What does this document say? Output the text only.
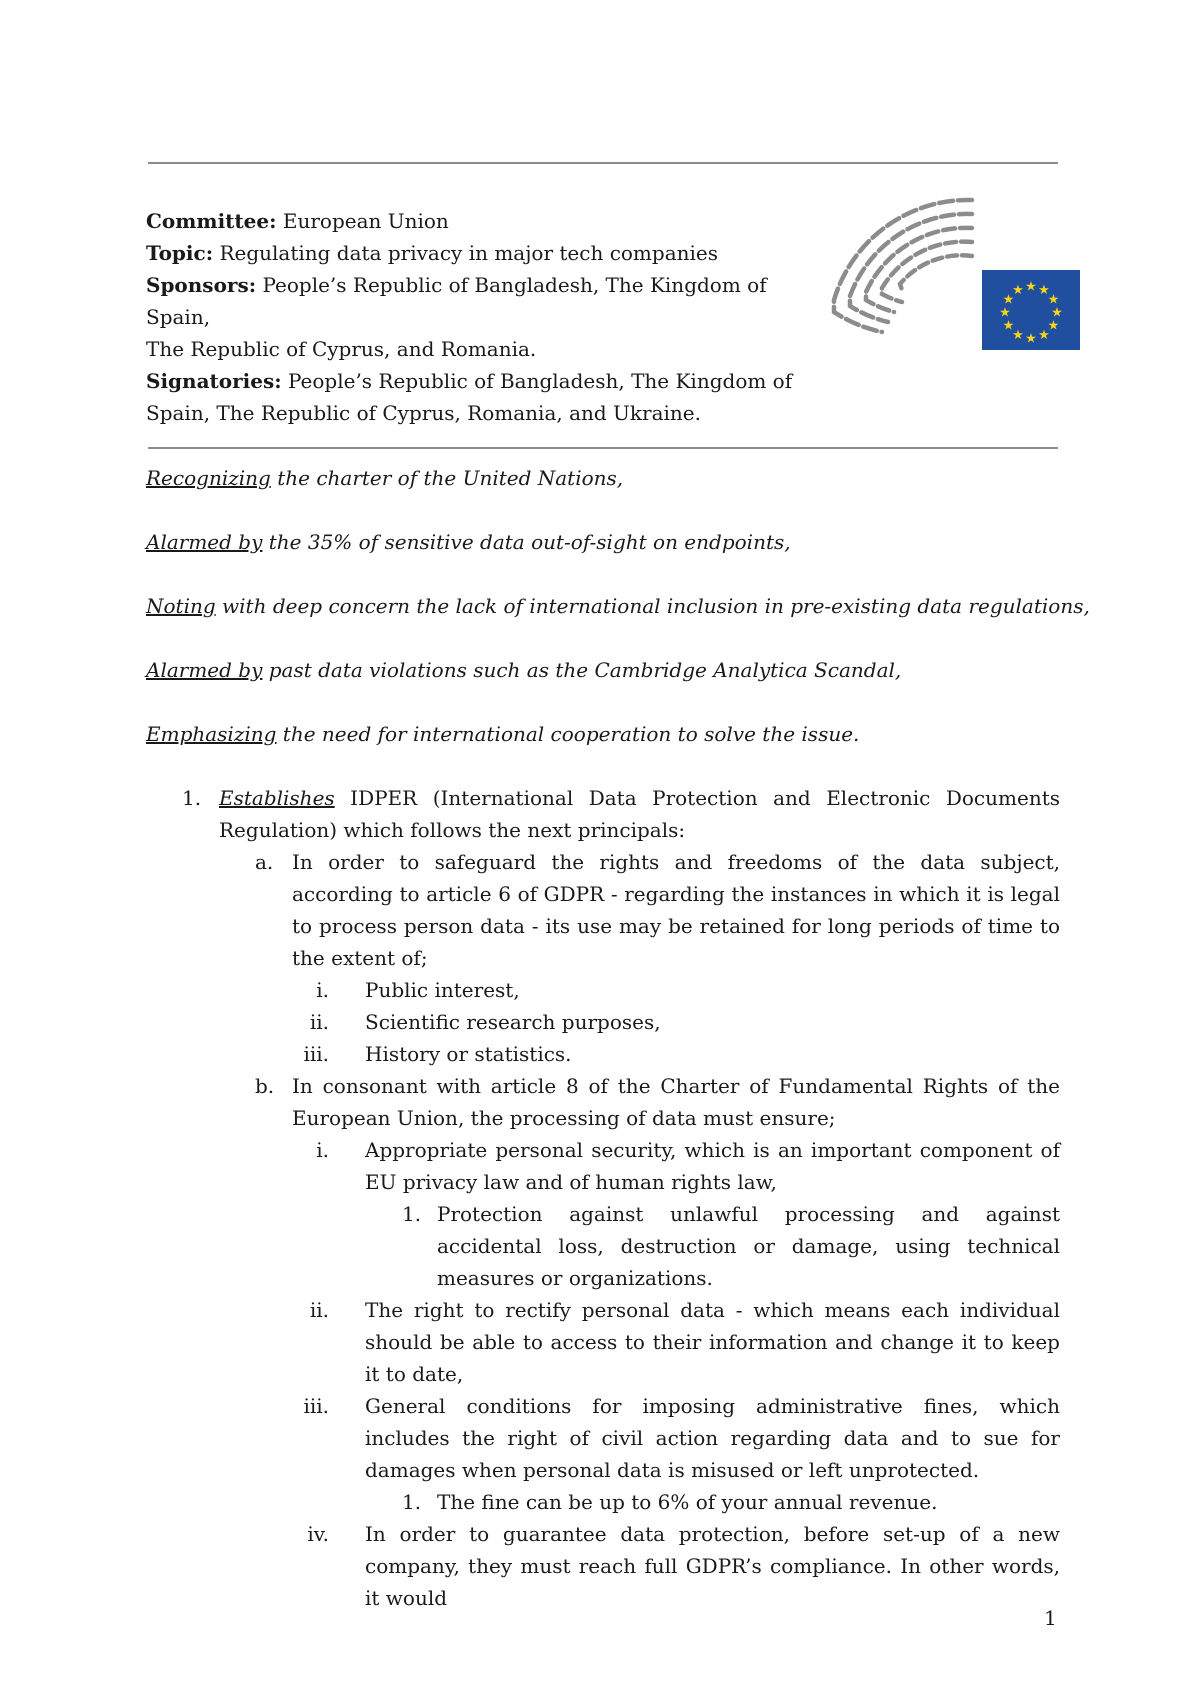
Committee: European Union
Topic: Regulating data privacy in major tech companies
Sponsors: People’s Republic of Bangladesh, The Kingdom of Spain,
The Republic of Cyprus, and Romania.
Signatories: People’s Republic of Bangladesh, The Kingdom of
Spain, The Republic of Cyprus, Romania, and Ukraine.
★ ★
★
★
★
★
★
★
★
★
★
★
Recognizing the charter of the United Nations,
Alarmed by the 35% of sensitive data out-of-sight on endpoints,
Noting with deep concern the lack of international inclusion in pre-existing data regulations,
Alarmed by past data violations such as the Cambridge Analytica Scandal,
Emphasizing the need for international cooperation to solve the issue.
1. Establishes IDPER (International Data Protection and Electronic Documents Regulation) which follows the next principals:
a. In order to safeguard the rights and freedoms of the data subject, according to article 6 of GDPR - regarding the instances in which it is legal to process person data - its use may be retained for long periods of time to the extent of;
i. Public interest,
ii. Scientific research purposes,
iii. History or statistics.
b. In consonant with article 8 of the Charter of Fundamental Rights of the European Union, the processing of data must ensure;
i. Appropriate personal security, which is an important component of EU privacy law and of human rights law,
1. Protection against unlawful processing and against accidental loss, destruction or damage, using technical measures or organizations.
ii. The right to rectify personal data - which means each individual should be able to access to their information and change it to keep it to date,
iii. General conditions for imposing administrative fines, which includes the right of civil action regarding data and to sue for damages when personal data is misused or left unprotected.
1. The fine can be up to 6% of your annual revenue.
iv. In order to guarantee data protection, before set-up of a new company, they must reach full GDPR’s compliance. In other words, it would
1
